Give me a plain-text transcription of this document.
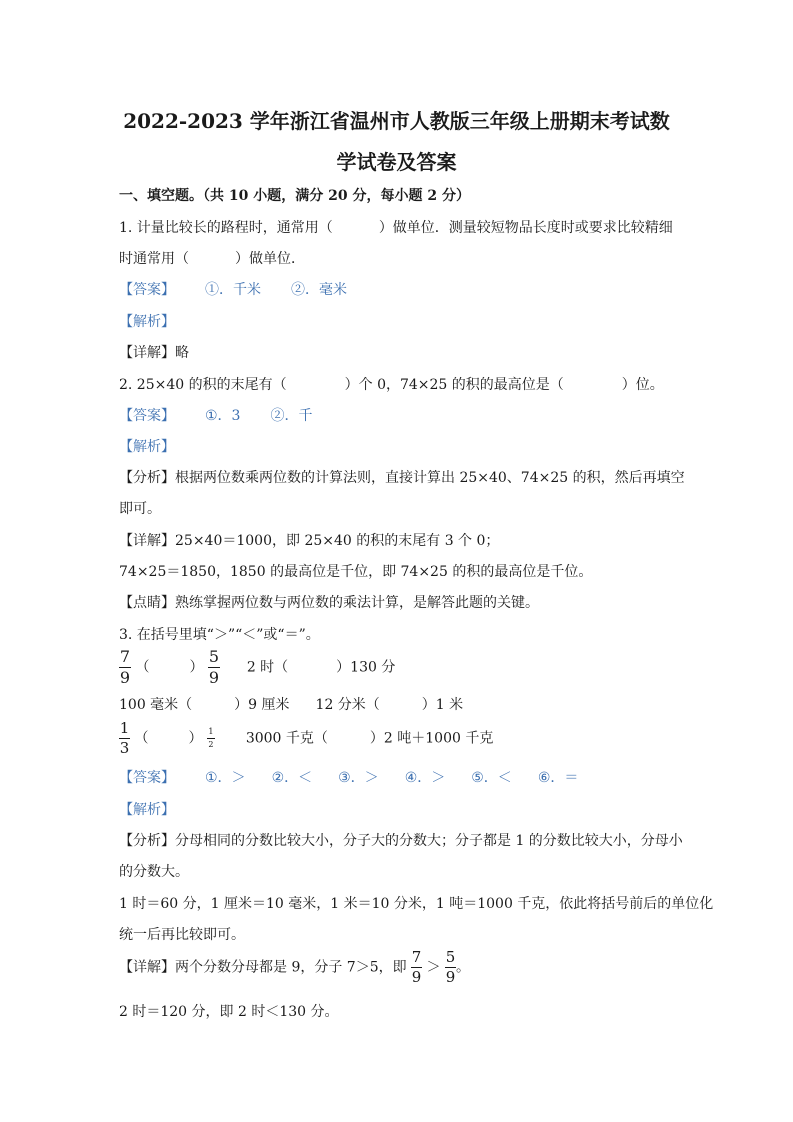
2022-2023 学年浙江省温州市人教版三年级上册期末考试数
学试卷及答案
一、填空题。（共 10 小题，满分 20 分，每小题 2 分）
1. 计量比较长的路程时，通常用（	）做单位．测量较短物品长度时或要求比较精细
时通常用（	）做单位．
【答案】 ①．千米 ②．毫米
【解析】
【详解】略
2. 25×40 的积的末尾有（	）个 0，74×25 的积的最高位是（	）位。
【答案】 ①．3 ②．千
【解析】
【分析】根据两位数乘两位数的计算法则，直接计算出 25×40、74×25 的积，然后再填空
即可。
【详解】25×40＝1000，即 25×40 的积的末尾有 3 个 0；
74×25＝1850，1850 的最高位是千位，即 74×25 的积的最高位是千位。
【点睛】熟练掌握两位数与两位数的乘法计算，是解答此题的关键。
3. 在括号里填“＞”“＜”或“＝”。
$\frac{7}{9}$ （	） $\frac{5}{9} 2$ 时（	）130 分
100 毫米（	）9 厘米 12 分米（	）1 米
$\frac{1}{3}$ （	） $\frac{1}{2} 3000$ 千克（	）2 吨＋1000 千克
【答案】 ①．＞ ②．＜ ③．＞ ④．＞ ⑤．＜ ⑥．＝
【解析】
【分析】分母相同的分数比较大小，分子大的分数大；分子都是 1 的分数比较大小，分母小
的分数大。
1 时＝60 分，1 厘米＝10 毫米，1 米＝10 分米，1 吨＝1000 千克，依此将括号前后的单位化
统一后再比较即可。
【详解】两个分数分母都是 9，分子 7＞5，即 $\frac{7}{9} > \frac{5}{9}$ 。
2 时＝120 分，即 2 时＜130 分。
